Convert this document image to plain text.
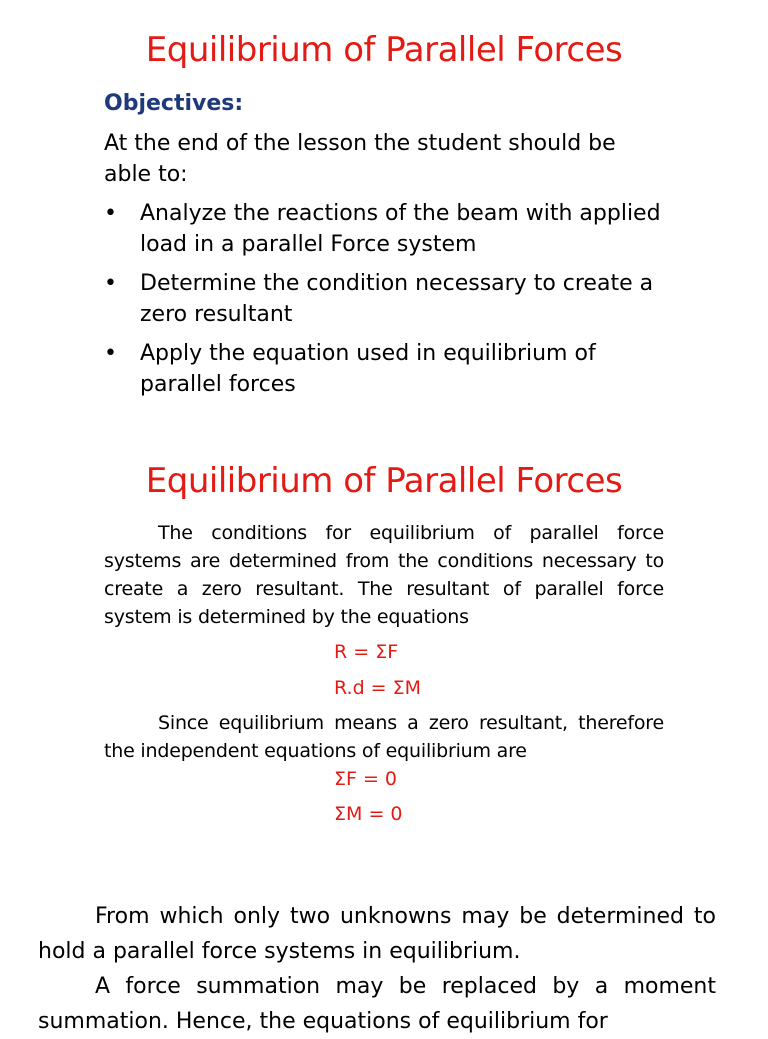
Equilibrium of Parallel Forces
Objectives:

At the end of the lesson the student should be able to:

•	Analyze the reactions of the beam with applied load in a parallel Force system
•	Determine the condition necessary to create a zero resultant
•	Apply the equation used in equilibrium of parallel forces
Equilibrium of Parallel Forces

The conditions for equilibrium of parallel force systems are determined from the conditions necessary to create a zero resultant. The resultant of parallel force system is determined by the equations

R = ΣF
R.d = ΣM

Since equilibrium means a zero resultant, therefore the independent equations of equilibrium are

ΣF = 0
ΣM = 0

From which only two unknowns may be determined to hold a parallel force systems in equilibrium.
A force summation may be replaced by a moment summation. Hence, the equations of equilibrium for
